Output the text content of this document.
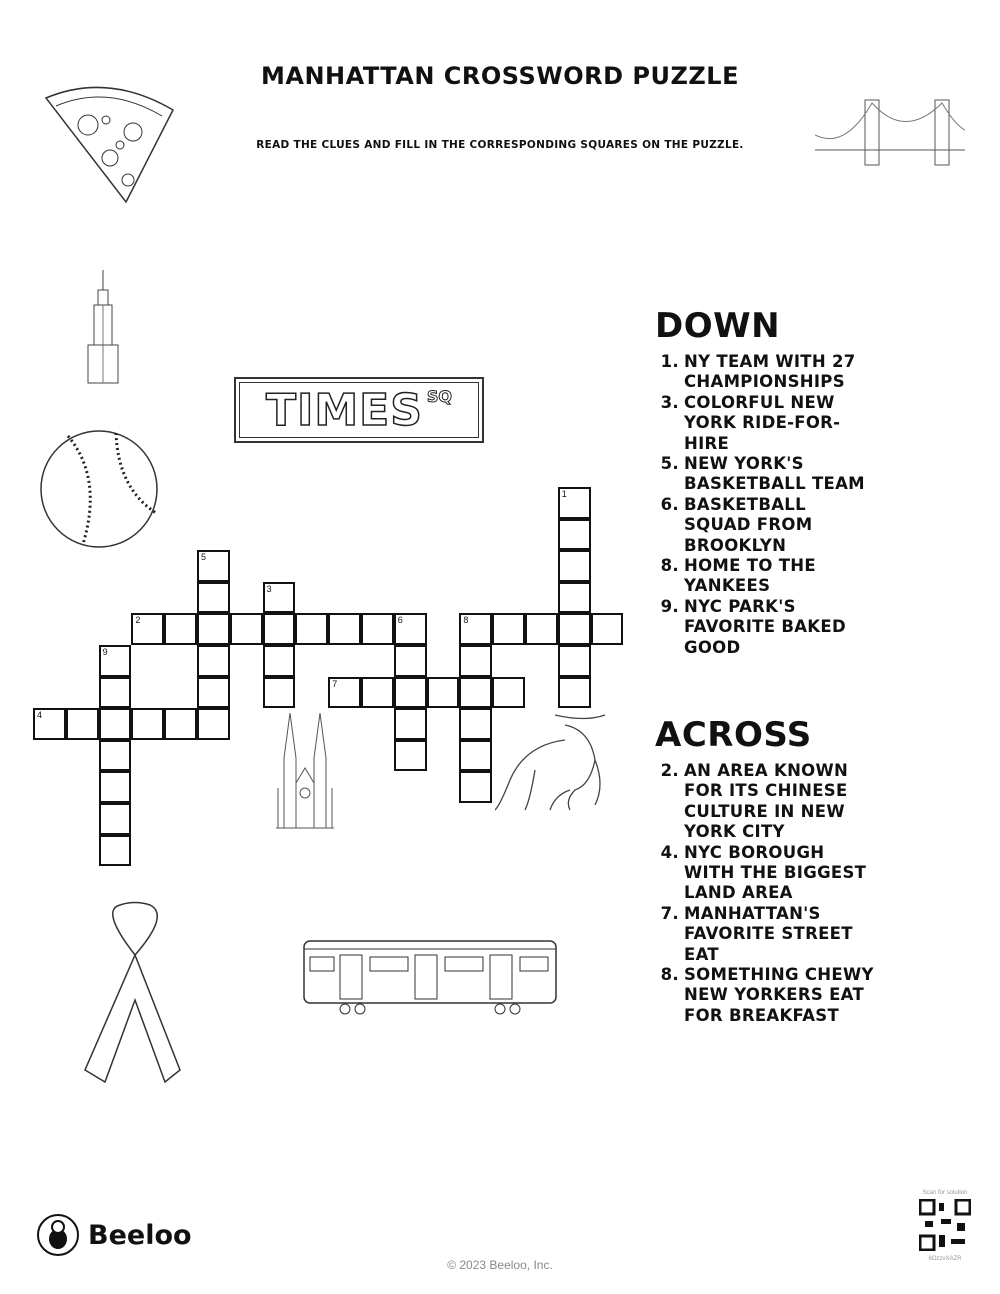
MANHATTAN CROSSWORD PUZZLE
READ THE CLUES AND FILL IN THE CORRESPONDING SQUARES ON THE PUZZLE.
TIMES SQ
1
2	6
3
4
5
7
8
9
DOWN
1. NY TEAM WITH 27 CHAMPIONSHIPS
3. COLORFUL NEW YORK RIDE-FOR-HIRE
5. NEW YORK'S BASKETBALL TEAM
6. BASKETBALL SQUAD FROM BROOKLYN
8. HOME TO THE YANKEES
9. NYC PARK'S FAVORITE BAKED GOOD
ACROSS
2. AN AREA KNOWN FOR ITS CHINESE CULTURE IN NEW YORK CITY
4. NYC BOROUGH WITH THE BIGGEST LAND AREA
7. MANHATTAN'S FAVORITE STREET EAT
8. SOMETHING CHEWY NEW YORKERS EAT FOR BREAKFAST
Beeloo
© 2023 Beeloo, Inc.
Scan for solution
6OzzvXAZR
